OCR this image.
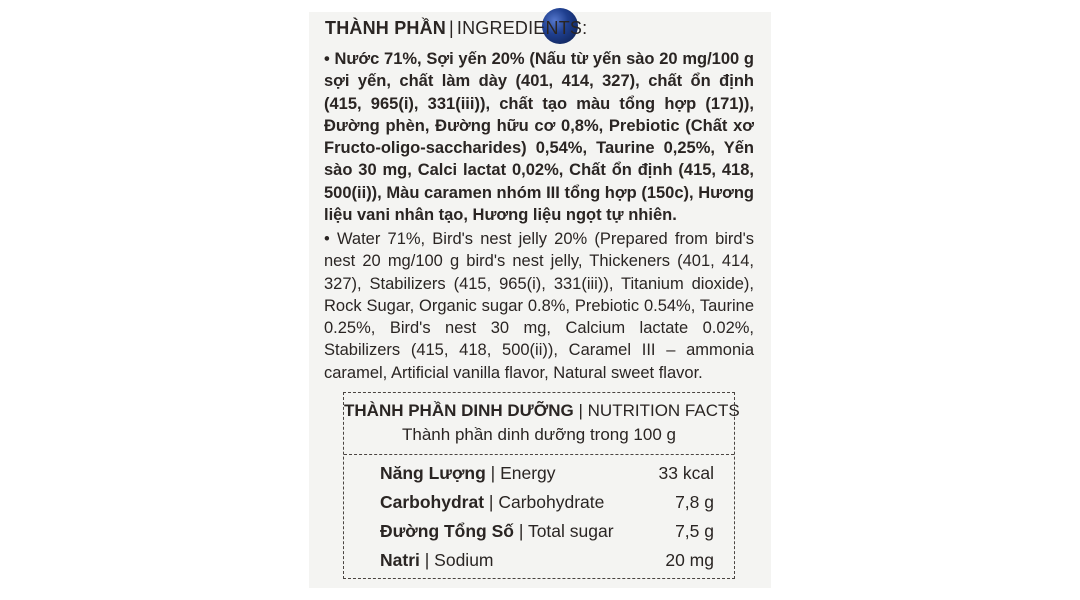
THÀNH PHẦN | INGREDIENTS:
• Nước 71%, Sợi yến 20% (Nấu từ yến sào 20 mg/100 g sợi yến, chất làm dày (401, 414, 327), chất ổn định (415, 965(i), 331(iii)), chất tạo màu tổng hợp (171)), Đường phèn, Đường hữu cơ 0,8%, Prebiotic (Chất xơ Fructo-oligo-saccharides) 0,54%, Taurine 0,25%, Yến sào 30 mg, Calci lactat 0,02%, Chất ổn định (415, 418, 500(ii)), Màu caramen nhóm III tổng hợp (150c), Hương liệu vani nhân tạo, Hương liệu ngọt tự nhiên.
• Water 71%, Bird's nest jelly 20% (Prepared from bird's nest 20 mg/100 g bird's nest jelly, Thickeners (401, 414, 327), Stabilizers (415, 965(i), 331(iii)), Titanium dioxide), Rock Sugar, Organic sugar 0.8%, Prebiotic 0.54%, Taurine 0.25%, Bird's nest 30 mg, Calcium lactate 0.02%, Stabilizers (415, 418, 500(ii)), Caramel III – ammonia caramel, Artificial vanilla flavor, Natural sweet flavor.
THÀNH PHẦN DINH DƯỠNG | NUTRITION FACTS
Thành phần dinh dưỡng trong 100 g
Năng Lượng | Energy	33 kcal
Carbohydrat | Carbohydrate	7,8 g
Đường Tổng Số | Total sugar	7,5 g
Natri | Sodium	20 mg
